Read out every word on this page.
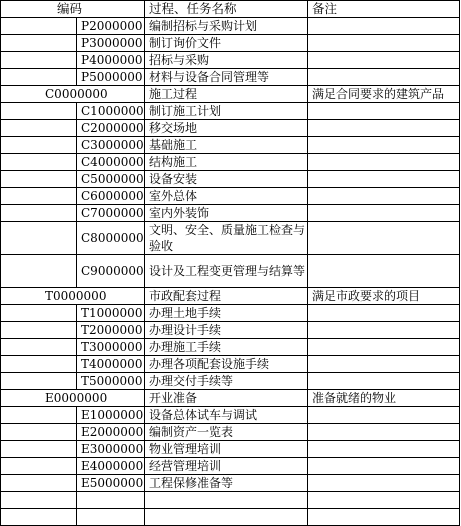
编码		过程、任务名称	备注
	P2000000	编制招标与采购计划	
	P3000000	制订询价文件	
	P4000000	招标与采购	
	P5000000	材料与设备合同管理等	
C0000000		施工过程	满足合同要求的建筑产品
	C1000000	制订施工计划	
	C2000000	移交场地	
	C3000000	基础施工	
	C4000000	结构施工	
	C5000000	设备安装	
	C6000000	室外总体	
	C7000000	室内外装饰	
	C8000000	文明、安全、质量施工检查与验收	
	C9000000	设计及工程变更管理与结算等	
T0000000		市政配套过程	满足市政要求的项目
	T1000000	办理土地手续	
	T2000000	办理设计手续	
	T3000000	办理施工手续	
	T4000000	办理各项配套设施手续	
	T5000000	办理交付手续等	
E0000000		开业准备	准备就绪的物业
	E1000000	设备总体试车与调试	
	E2000000	编制资产一览表	
	E3000000	物业管理培训	
	E4000000	经营管理培训	
	E5000000	工程保修准备等	
